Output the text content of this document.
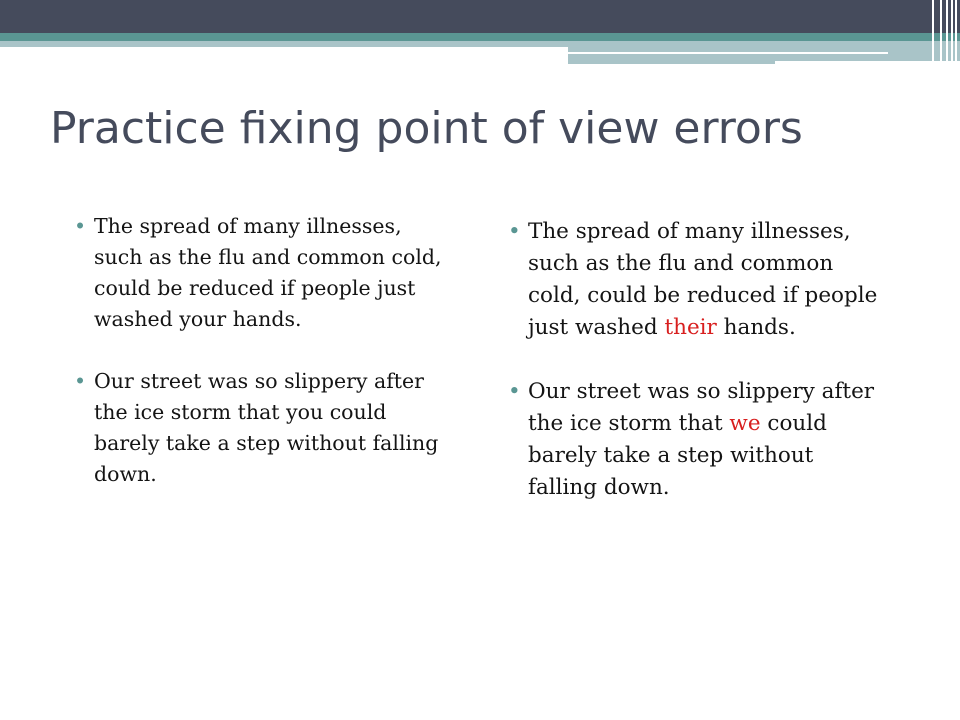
Practice fixing point of view errors
• The spread of many illnesses, such as the flu and common cold, could be reduced if people just washed your hands.
• Our street was so slippery after the ice storm that you could barely take a step without falling down.
• The spread of many illnesses, such as the flu and common cold, could be reduced if people just washed their hands.
• Our street was so slippery after the ice storm that we could barely take a step without falling down.
